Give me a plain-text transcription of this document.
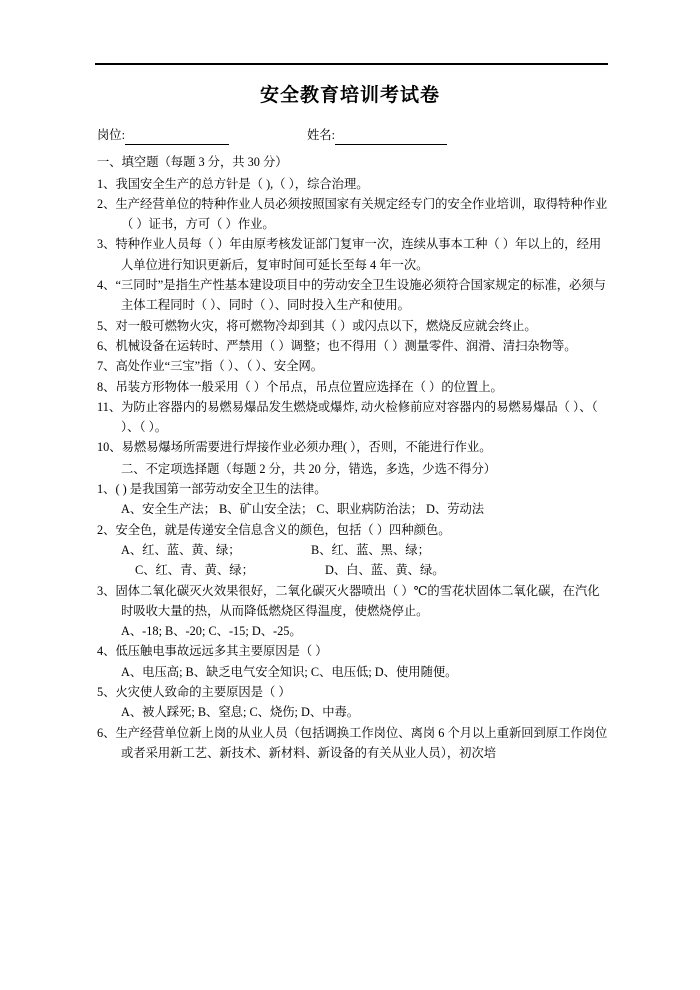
安全教育培训考试卷
岗位:	姓名:
一、填空题（每题 3 分，共 30 分）
1、我国安全生产的总方针是（ ),（ ），综合治理。
2、生产经营单位的特种作业人员必须按照国家有关规定经专门的安全作业培训，取得特种作业（ ）证书，方可（ ）作业。
3、特种作业人员每（ ）年由原考核发证部门复审一次，连续从事本工种（ ）年以上的，经用人单位进行知识更新后，复审时间可延长至每 4 年一次。
4、“三同时”是指生产性基本建设项目中的劳动安全卫生设施必须符合国家规定的标准，必须与主体工程同时（ ）、同时（ ）、同时投入生产和使用。
5、对一般可燃物火灾，将可燃物冷却到其（ ）或闪点以下，燃烧反应就会终止。
6、机械设备在运转时、严禁用（ ）调整；也不得用（ ）测量零件、润滑、清扫杂物等。
7、高处作业“三宝”指（ ）、（ ）、安全网。
8、吊装方形物体一般采用（ ）个吊点，吊点位置应选择在（ ）的位置上。
11、为防止容器内的易燃易爆品发生燃烧或爆炸, 动火检修前应对容器内的易燃易爆品（ ）、（ ）、（ ）。
10、易燃易爆场所需要进行焊接作业必须办理( ），否则，不能进行作业。
二、不定项选择题（每题 2 分，共 20 分，错选，多选，少选不得分）
1、( ) 是我国第一部劳动安全卫生的法律。
A、安全生产法； B、矿山安全法； C、职业病防治法； D、劳动法
2、安全色，就是传递安全信息含义的颜色，包括（ ）四种颜色。
A、红、蓝、黄、绿；	B、红、蓝、黑、绿；
C、红、青、黄、绿；	D、白、蓝、黄、绿。
3、固体二氧化碳灭火效果很好，二氧化碳灭火器喷出（ ）℃的雪花状固体二氧化碳，在汽化时吸收大量的热，从而降低燃烧区得温度，使燃烧停止。
A、-18; B、-20; C、-15; D、-25。
4、低压触电事故远远多其主要原因是（ ）
A、电压高; B、缺乏电气安全知识; C、电压低; D、使用随便。
5、火灾使人致命的主要原因是（ ）
A、被人踩死; B、窒息; C、烧伤; D、中毒。
6、生产经营单位新上岗的从业人员（包括调换工作岗位、离岗 6 个月以上重新回到原工作岗位或者采用新工艺、新技术、新材料、新设备的有关从业人员），初次培
